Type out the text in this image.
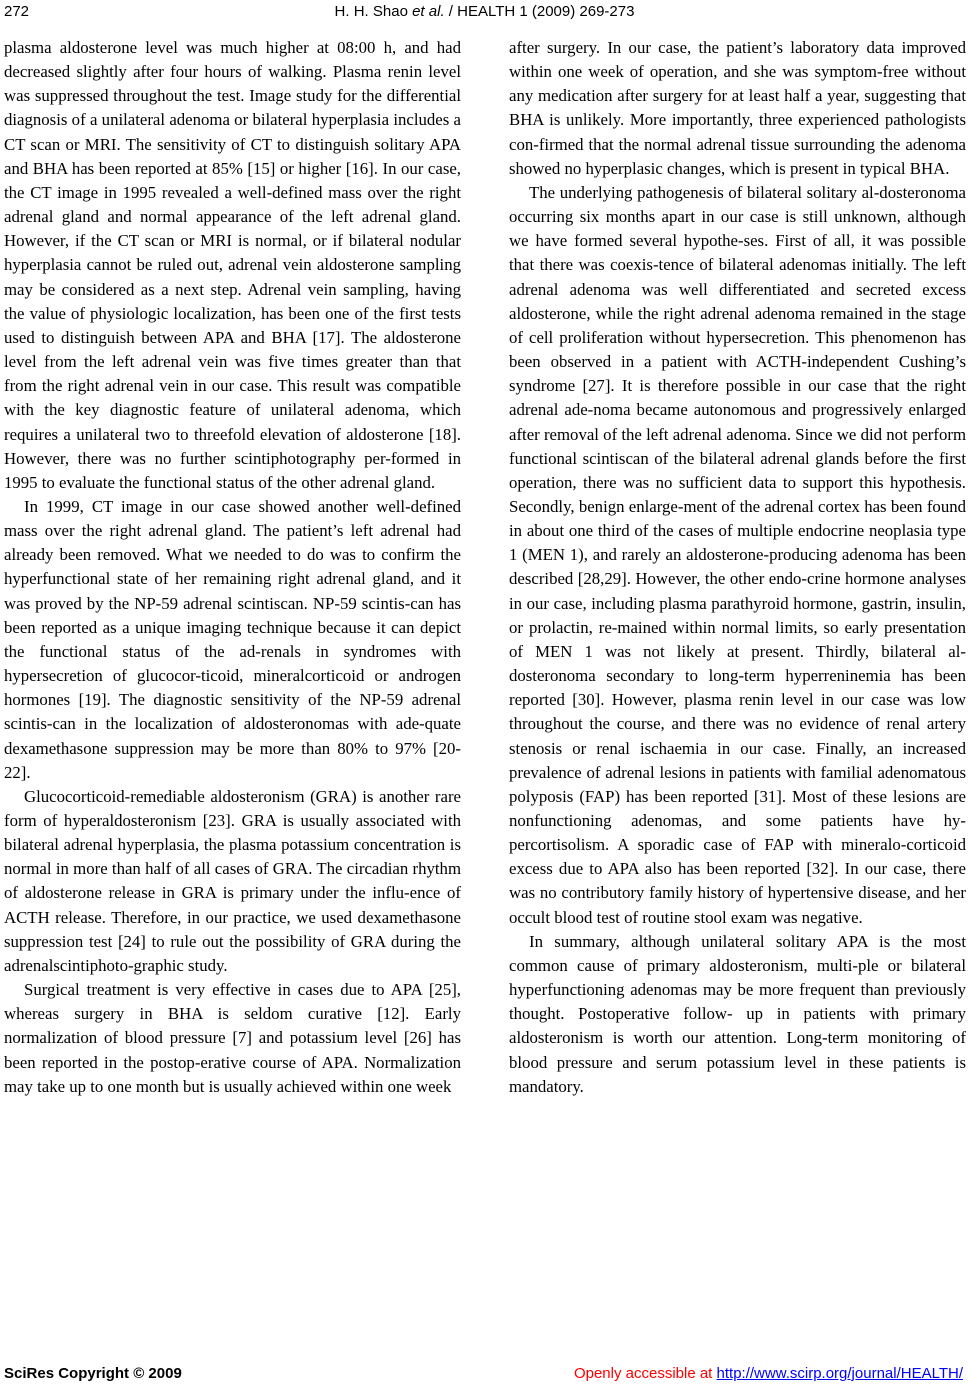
272	H. H. Shao et al. / HEALTH 1 (2009) 269-273

plasma aldosterone level was much higher at 08:00 h, and had decreased slightly after four hours of walking. Plasma renin level was suppressed throughout the test. Image study for the differential diagnosis of a unilateral adenoma or bilateral hyperplasia includes a CT scan or MRI. The sensitivity of CT to distinguish solitary APA and BHA has been reported at 85% [15] or higher [16]. In our case, the CT image in 1995 revealed a well-defined mass over the right adrenal gland and normal appearance of the left adrenal gland. However, if the CT scan or MRI is normal, or if bilateral nodular hyperplasia cannot be ruled out, adrenal vein aldosterone sampling may be considered as a next step. Adrenal vein sampling, having the value of physiologic localization, has been one of the first tests used to distinguish between APA and BHA [17]. The aldosterone level from the left adrenal vein was five times greater than that from the right adrenal vein in our case. This result was compatible with the key diagnostic feature of unilateral adenoma, which requires a unilateral two to threefold elevation of aldosterone [18]. However, there was no further scintiphotography per-formed in 1995 to evaluate the functional status of the other adrenal gland.

In 1999, CT image in our case showed another well-defined mass over the right adrenal gland. The patient’s left adrenal had already been removed. What we needed to do was to confirm the hyperfunctional state of her remaining right adrenal gland, and it was proved by the NP-59 adrenal scintiscan. NP-59 scintis-can has been reported as a unique imaging technique because it can depict the functional status of the ad-renals in syndromes with hypersecretion of glucocor-ticoid, mineralcorticoid or androgen hormones [19]. The diagnostic sensitivity of the NP-59 adrenal scintis-can in the localization of aldosteronomas with ade-quate dexamethasone suppression may be more than 80% to 97% [20-22].

Glucocorticoid-remediable aldosteronism (GRA) is another rare form of hyperaldosteronism [23]. GRA is usually associated with bilateral adrenal hyperplasia, the plasma potassium concentration is normal in more than half of all cases of GRA. The circadian rhythm of aldosterone release in GRA is primary under the influ-ence of ACTH release. Therefore, in our practice, we used dexamethasone suppression test [24] to rule out the possibility of GRA during the adrenalscintiphoto-graphic study.

Surgical treatment is very effective in cases due to APA [25], whereas surgery in BHA is seldom curative [12]. Early normalization of blood pressure [7] and potassium level [26] has been reported in the postop-erative course of APA. Normalization may take up to one month but is usually achieved within one week

after surgery. In our case, the patient’s laboratory data improved within one week of operation, and she was symptom-free without any medication after surgery for at least half a year, suggesting that BHA is unlikely. More importantly, three experienced pathologists con-firmed that the normal adrenal tissue surrounding the adenoma showed no hyperplasic changes, which is present in typical BHA.

The underlying pathogenesis of bilateral solitary al-dosteronoma occurring six months apart in our case is still unknown, although we have formed several hypothe-ses. First of all, it was possible that there was coexis-tence of bilateral adenomas initially. The left adrenal adenoma was well differentiated and secreted excess aldosterone, while the right adrenal adenoma remained in the stage of cell proliferation without hypersecretion. This phenomenon has been observed in a patient with ACTH-independent Cushing’s syndrome [27]. It is therefore possible in our case that the right adrenal ade-noma became autonomous and progressively enlarged after removal of the left adrenal adenoma. Since we did not perform functional scintiscan of the bilateral adrenal glands before the first operation, there was no sufficient data to support this hypothesis. Secondly, benign enlarge-ment of the adrenal cortex has been found in about one third of the cases of multiple endocrine neoplasia type 1 (MEN 1), and rarely an aldosterone-producing adenoma has been described [28,29]. However, the other endo-crine hormone analyses in our case, including plasma parathyroid hormone, gastrin, insulin, or prolactin, re-mained within normal limits, so early presentation of MEN 1 was not likely at present. Thirdly, bilateral al-dosteronoma secondary to long-term hyperreninemia has been reported [30]. However, plasma renin level in our case was low throughout the course, and there was no evidence of renal artery stenosis or renal ischaemia in our case. Finally, an increased prevalence of adrenal lesions in patients with familial adenomatous polyposis (FAP) has been reported [31]. Most of these lesions are nonfunctioning adenomas, and some patients have hy-percortisolism. A sporadic case of FAP with mineralo-corticoid excess due to APA also has been reported [32]. In our case, there was no contributory family history of hypertensive disease, and her occult blood test of routine stool exam was negative.

In summary, although unilateral solitary APA is the most common cause of primary aldosteronism, multi-ple or bilateral hyperfunctioning adenomas may be more frequent than previously thought. Postoperative follow- up in patients with primary aldosteronism is worth our attention. Long-term monitoring of blood pressure and serum potassium level in these patients is mandatory.

SciRes Copyright © 2009	Openly accessible at http://www.scirp.org/journal/HEALTH/
